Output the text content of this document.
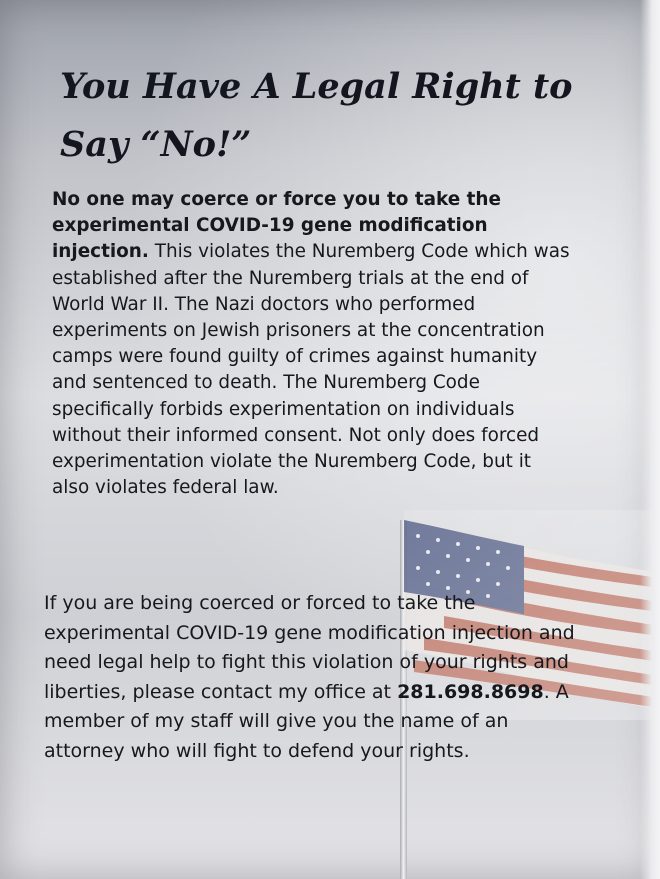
You Have A Legal Right to Say “No!”

No one may coerce or force you to take the experimental COVID-19 gene modification injection. This violates the Nuremberg Code which was established after the Nuremberg trials at the end of World War II. The Nazi doctors who performed experiments on Jewish prisoners at the concentration camps were found guilty of crimes against humanity and sentenced to death. The Nuremberg Code specifically forbids experimentation on individuals without their informed consent. Not only does forced experimentation violate the Nuremberg Code, but it also violates federal law.

If you are being coerced or forced to take the experimental COVID-19 gene modification injection and need legal help to fight this violation of your rights and liberties, please contact my office at 281.698.8698. A member of my staff will give you the name of an attorney who will fight to defend your rights.
